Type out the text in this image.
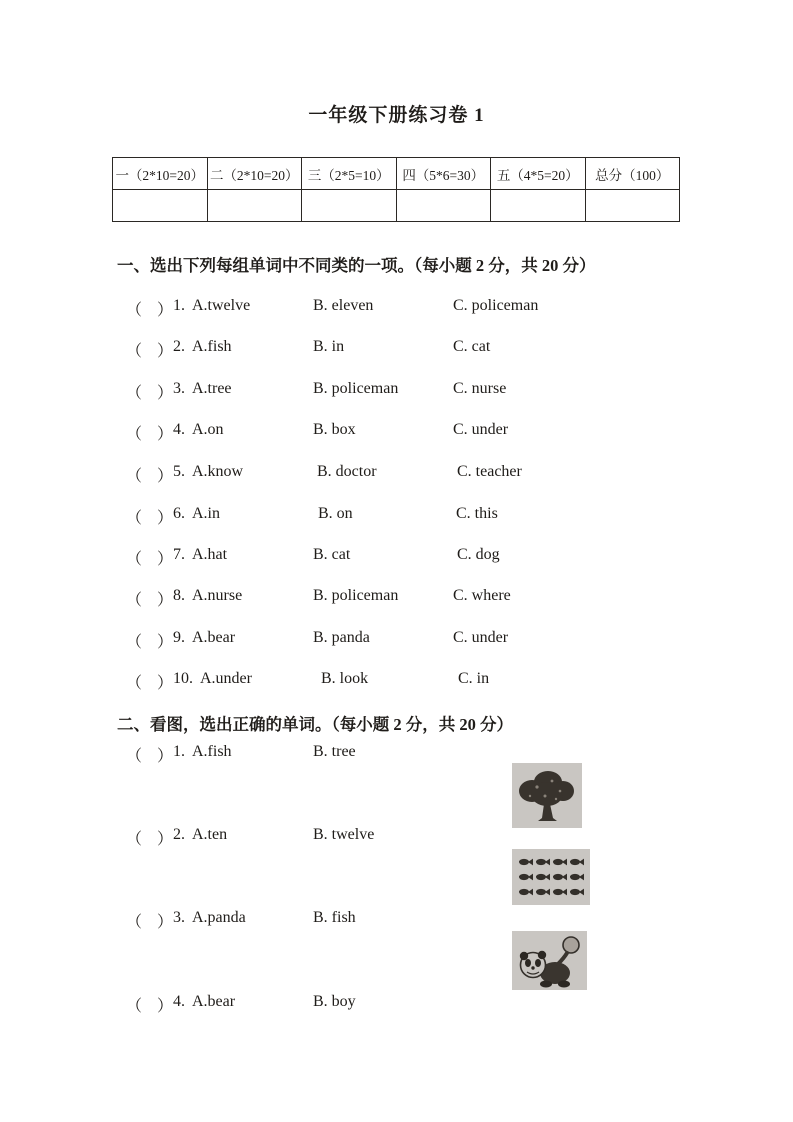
一年级下册练习卷 1
一（2*10=20）	二（2*10=20）	三（2*5=10）	四（5*6=30）	五（4*5=20）	总分（100）

一、选出下列每组单词中不同类的一项。（每小题 2 分，共 20 分）
（ ） 1. A.twelve	B. eleven	C. policeman
（ ） 2. A.fish	B. in	C. cat
（ ） 3. A.tree	B. policeman	C. nurse
（ ） 4. A.on	B. box	C. under
（ ） 5. A.know	B. doctor	C. teacher
（ ） 6. A.in	B. on	C. this
（ ） 7. A.hat	B. cat	C. dog
（ ） 8. A.nurse	B. policeman	C. where
（ ） 9. A.bear	B. panda	C. under
（ ） 10. A.under	B. look	C. in
二、看图，选出正确的单词。（每小题 2 分，共 20 分）
（ ） 1. A.fish	B. tree
（ ） 2. A.ten	B. twelve
（ ） 3. A.panda	B. fish
（ ） 4. A.bear	B. boy
